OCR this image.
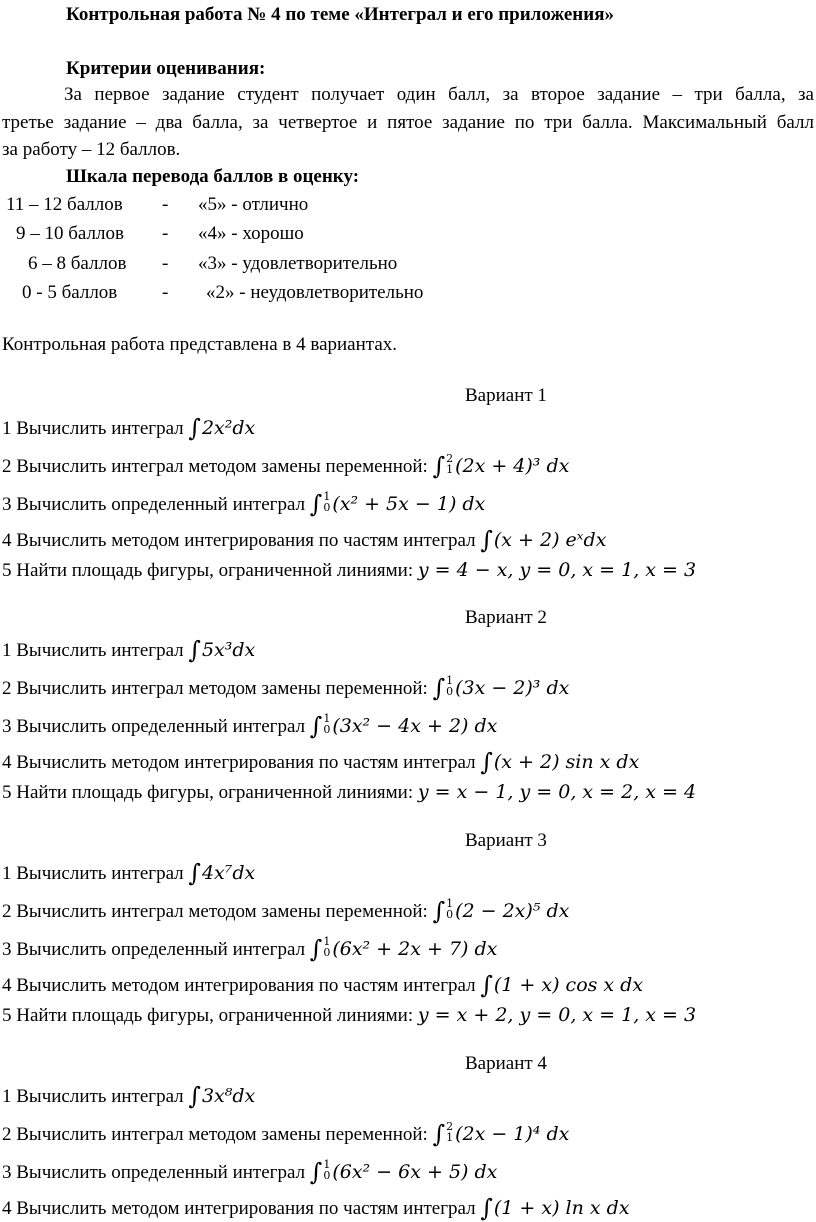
Контрольная работа № 4 по теме «Интеграл и его приложения»
Критерии оценивания:
За первое задание студент получает один балл, за второе задание – три балла, за
третье задание – два балла, за четвертое и пятое задание по три балла. Максимальный балл
за работу – 12 баллов.
Шкала перевода баллов в оценку:
11 – 12 баллов - «5» - отлично
9 – 10 баллов - «4» - хорошо
6 – 8 баллов - «3» - удовлетворительно
0 - 5 баллов - «2» - неудовлетворительно
Контрольная работа представлена в 4 вариантах.
Вариант 1
1 Вычислить интеграл ∫2x²dx
2 Вычислить интеграл методом замены переменной: ∫ 2
1 (2x + 4)³ dx
3 Вычислить определенный интеграл ∫ 1
0 (x² + 5x − 1) dx
4 Вычислить методом интегрирования по частям интеграл ∫(x + 2) eˣdx
5 Найти площадь фигуры, ограниченной линиями: y = 4 − x, y = 0, x = 1, x = 3
Вариант 2
1 Вычислить интеграл ∫5x³dx
2 Вычислить интеграл методом замены переменной: ∫ 1
0 (3x − 2)³ dx
3 Вычислить определенный интеграл ∫ 1
0 (3x² − 4x + 2) dx
4 Вычислить методом интегрирования по частям интеграл ∫(x + 2) sin x dx
5 Найти площадь фигуры, ограниченной линиями: y = x − 1, y = 0, x = 2, x = 4
Вариант 3
1 Вычислить интеграл ∫4x⁷dx
2 Вычислить интеграл методом замены переменной: ∫ 1
0 (2 − 2x)⁵ dx
3 Вычислить определенный интеграл ∫ 1
0 (6x² + 2x + 7) dx
4 Вычислить методом интегрирования по частям интеграл ∫(1 + x) cos x dx
5 Найти площадь фигуры, ограниченной линиями: y = x + 2, y = 0, x = 1, x = 3
Вариант 4
1 Вычислить интеграл ∫3x⁸dx
2 Вычислить интеграл методом замены переменной: ∫ 2
1 (2x − 1)⁴ dx
3 Вычислить определенный интеграл ∫ 1
0 (6x² − 6x + 5) dx
4 Вычислить методом интегрирования по частям интеграл ∫(1 + x) ln x dx
